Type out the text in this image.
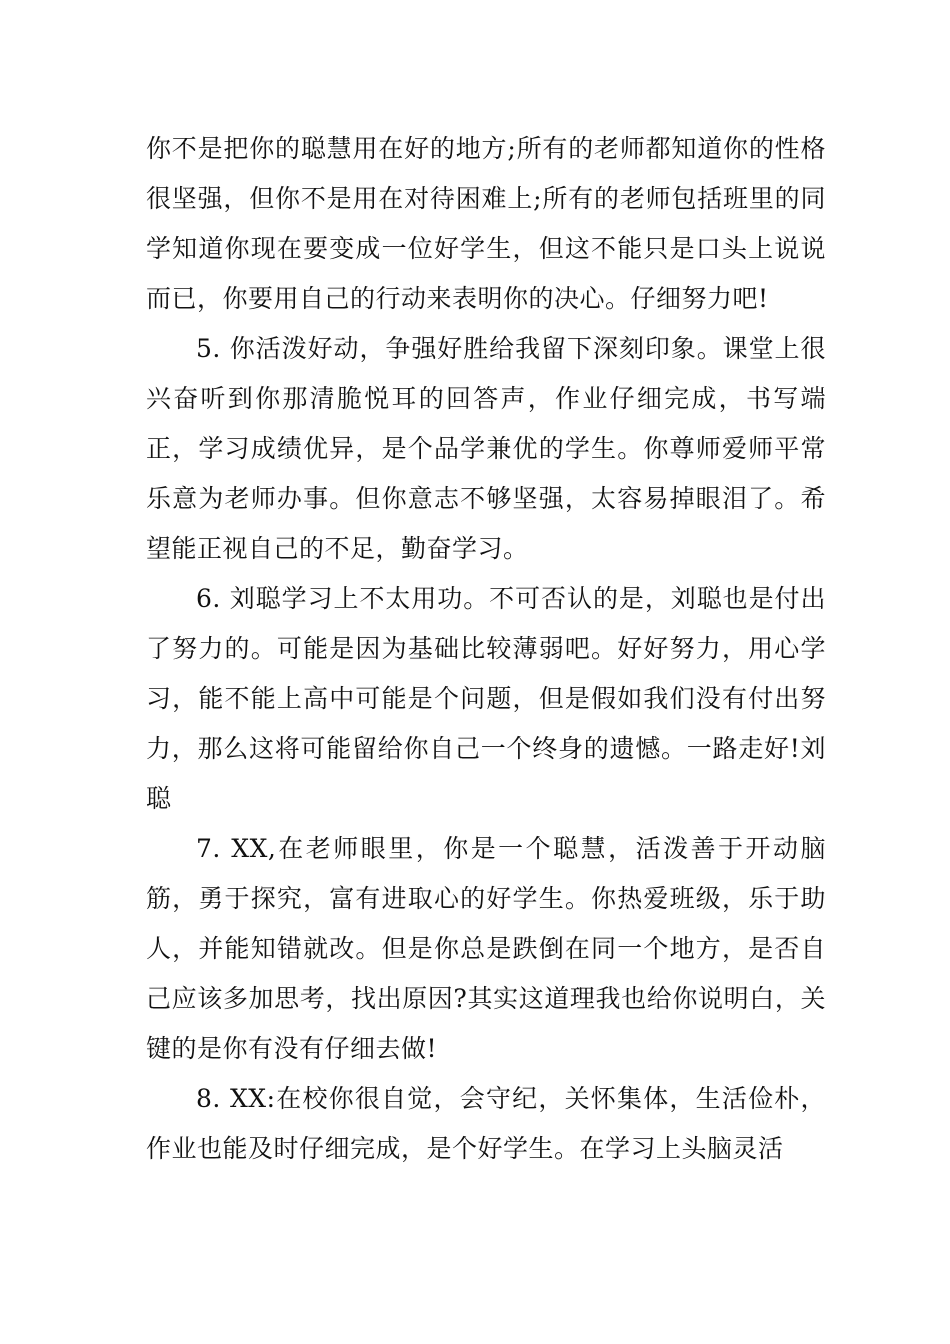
你不是把你的聪慧用在好的地方;所有的老师都知道你的性格很坚强，但你不是用在对待困难上;所有的老师包括班里的同学知道你现在要变成一位好学生，但这不能只是口头上说说而已，你要用自己的行动来表明你的决心。仔细努力吧!

5. 你活泼好动，争强好胜给我留下深刻印象。课堂上很兴奋听到你那清脆悦耳的回答声，作业仔细完成，书写端正，学习成绩优异，是个品学兼优的学生。你尊师爱师平常乐意为老师办事。但你意志不够坚强，太容易掉眼泪了。希望能正视自己的不足，勤奋学习。

6. 刘聪学习上不太用功。不可否认的是，刘聪也是付出了努力的。可能是因为基础比较薄弱吧。好好努力，用心学习，能不能上高中可能是个问题，但是假如我们没有付出努力，那么这将可能留给你自己一个终身的遗憾。一路走好!刘聪

7. XX,在老师眼里，你是一个聪慧，活泼善于开动脑筋，勇于探究，富有进取心的好学生。你热爱班级，乐于助人，并能知错就改。但是你总是跌倒在同一个地方，是否自己应该多加思考，找出原因?其实这道理我也给你说明白，关键的是你有没有仔细去做!

8. XX:在校你很自觉，会守纪，关怀集体，生活俭朴，作业也能及时仔细完成，是个好学生。在学习上头脑灵活
